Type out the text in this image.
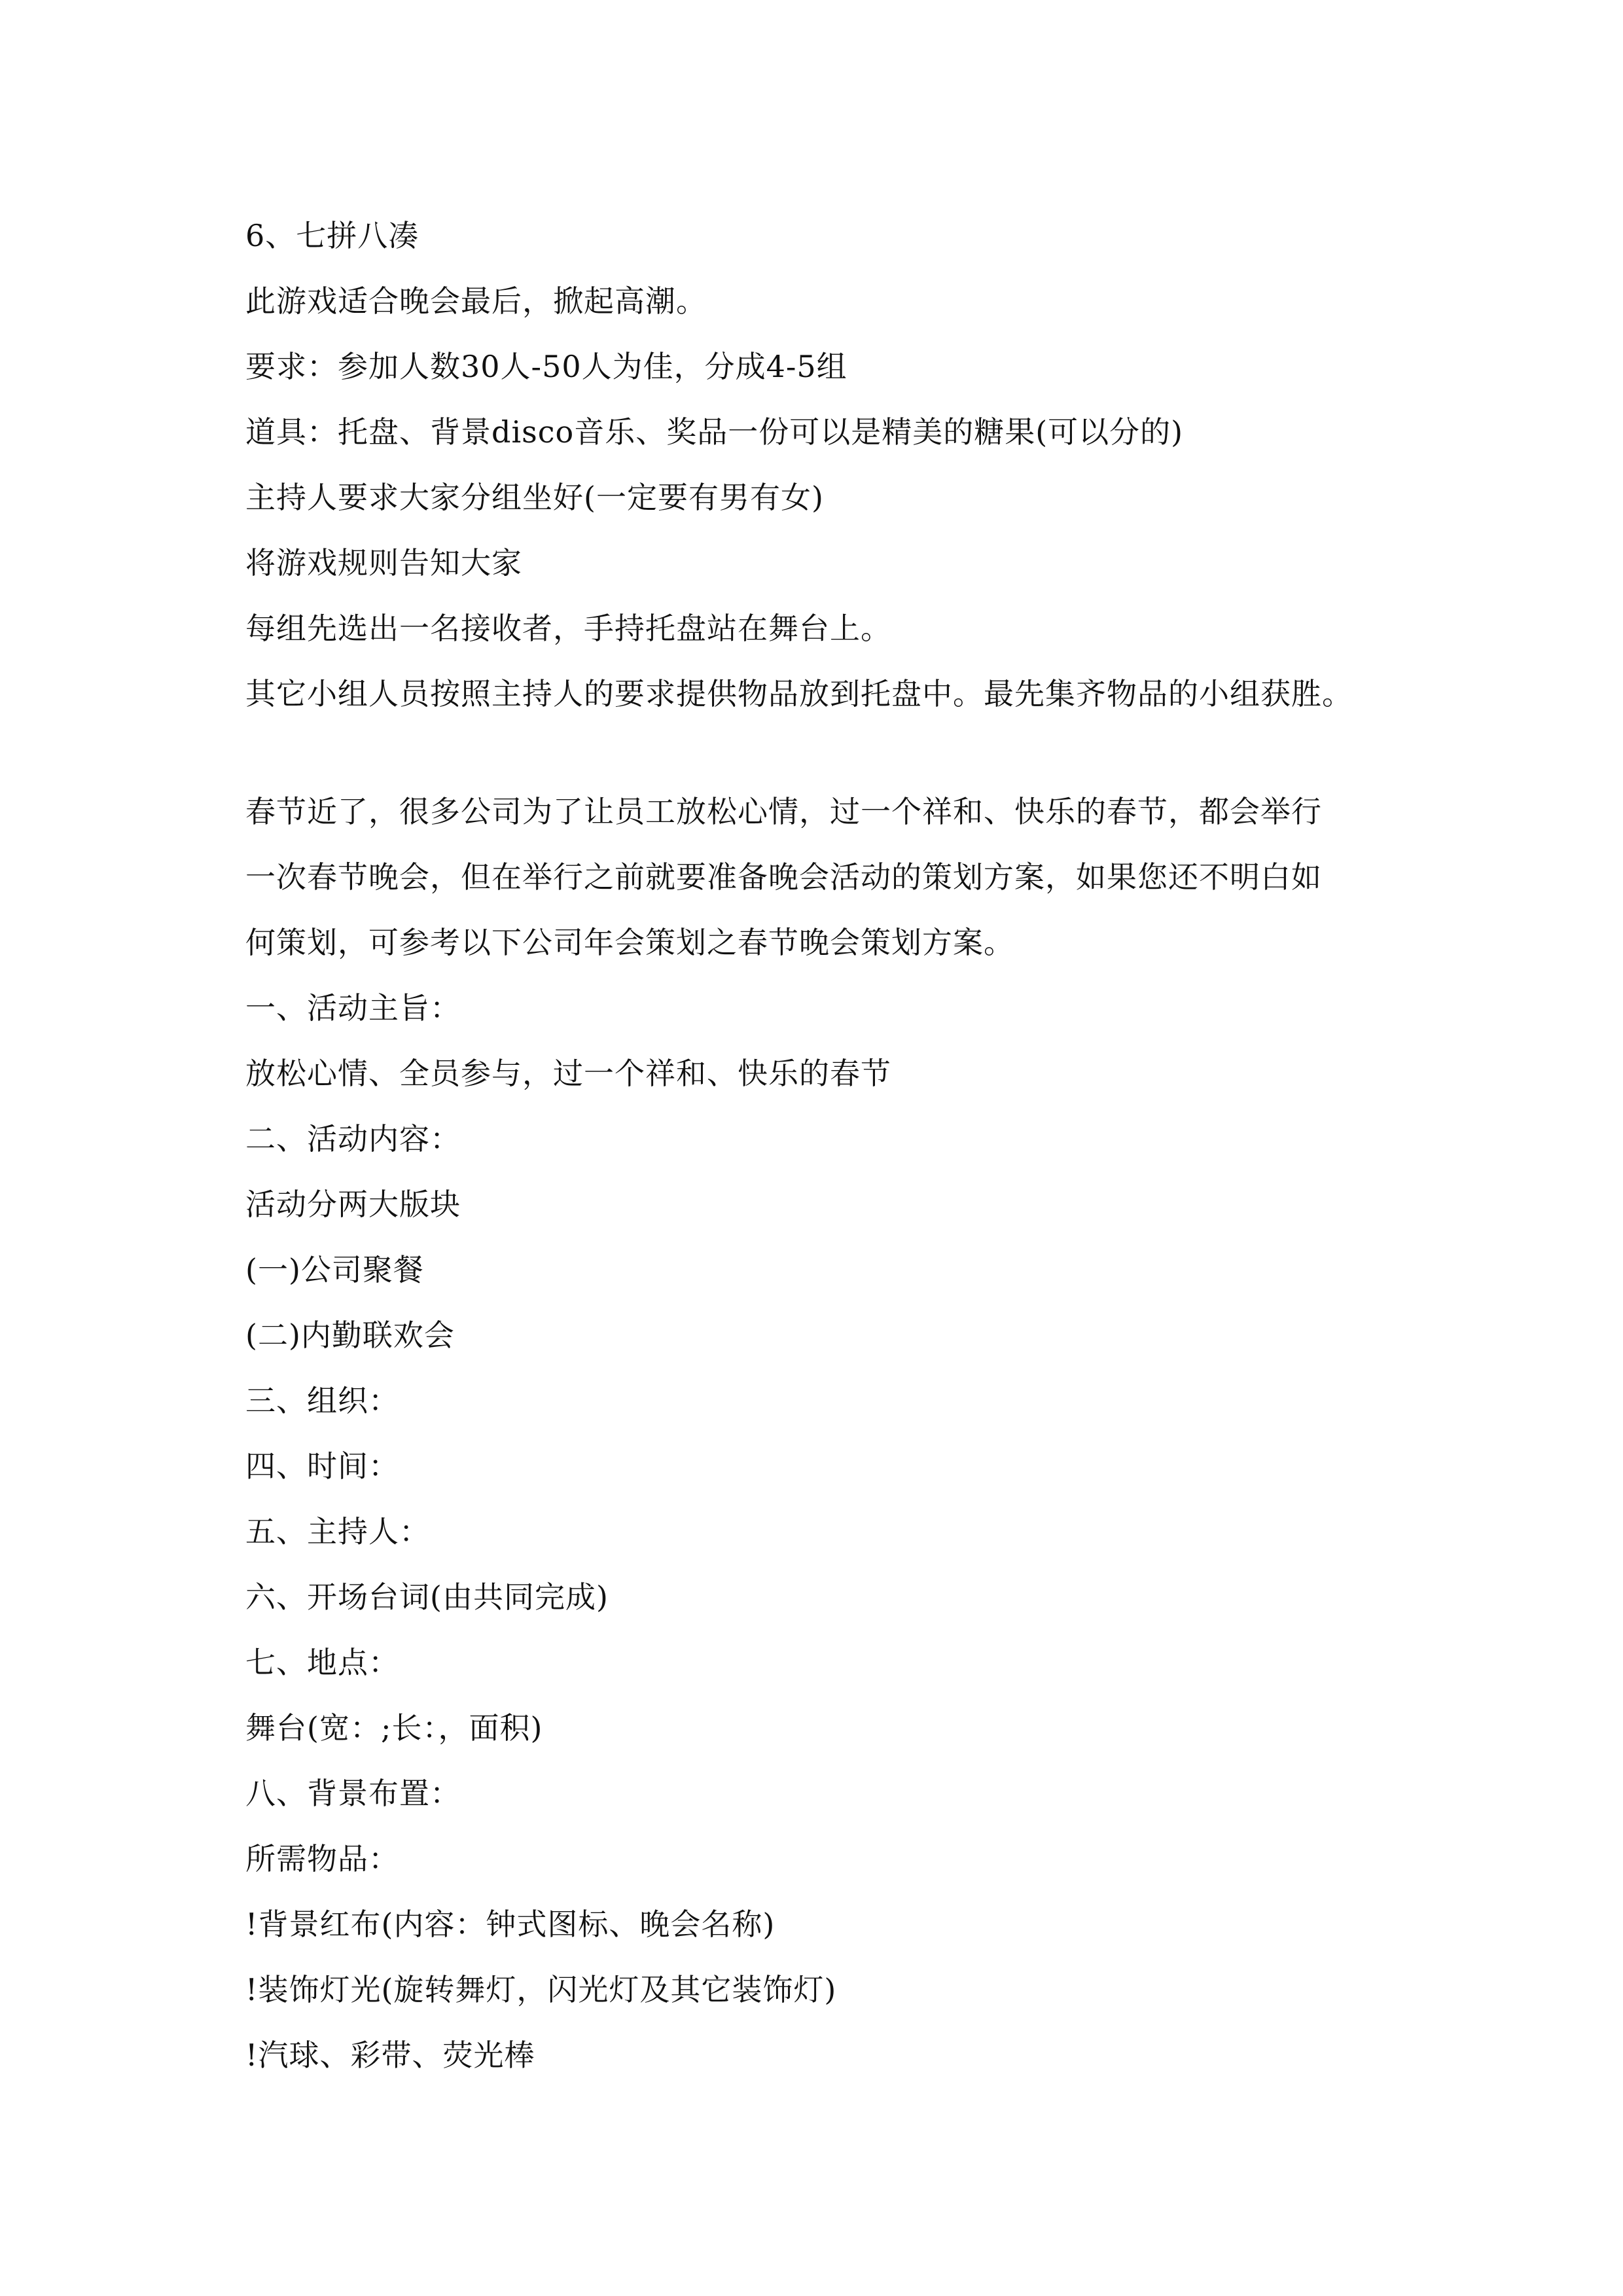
6、七拼八凑
此游戏适合晚会最后，掀起高潮。
要求：参加人数30人-50人为佳，分成4-5组
道具：托盘、背景disco音乐、奖品一份可以是精美的糖果(可以分的)
主持人要求大家分组坐好(一定要有男有女)
将游戏规则告知大家
每组先选出一名接收者，手持托盘站在舞台上。
其它小组人员按照主持人的要求提供物品放到托盘中。最先集齐物品的小组获胜。
春节近了，很多公司为了让员工放松心情，过一个祥和、快乐的春节，都会举行
一次春节晚会，但在举行之前就要准备晚会活动的策划方案，如果您还不明白如
何策划，可参考以下公司年会策划之春节晚会策划方案。
一、活动主旨：
放松心情、全员参与，过一个祥和、快乐的春节
二、活动内容：
活动分两大版块
(一)公司聚餐
(二)内勤联欢会
三、组织：
四、时间：
五、主持人：
六、开场台词(由共同完成)
七、地点：
舞台(宽：;长：，面积)
八、背景布置：
所需物品：
!背景红布(内容：钟式图标、晚会名称)
!装饰灯光(旋转舞灯，闪光灯及其它装饰灯)
!汽球、彩带、荧光棒
